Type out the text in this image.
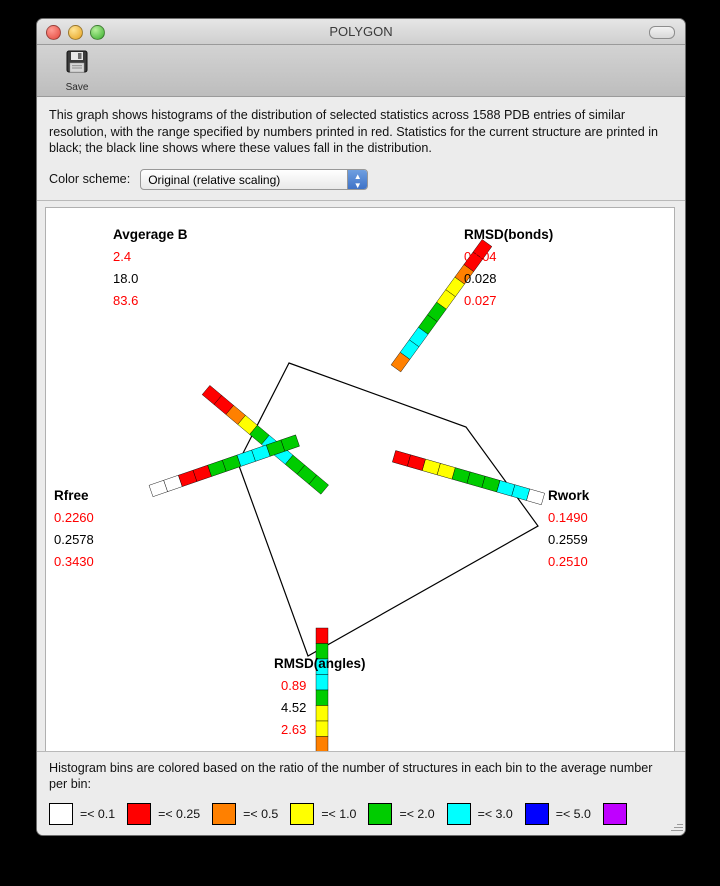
POLYGON
Save
This graph shows histograms of the distribution of selected statistics across 1588 PDB entries of similar resolution, with the range specified by numbers printed in red. Statistics for the current structure are printed in black; the black line shows where these values fall in the distribution.
Color scheme:	Original (relative scaling)	▲
▼
Avgerage B
2.4
18.0
83.6
RMSD(bonds)
0.004
0.028
0.027
Rwork
0.1490
0.2559
0.2510
RMSD(angles)
0.89
4.52
2.63
Rfree
0.2260
0.2578
0.3430
Histogram bins are colored based on the ratio of the number of structures in each bin to the average number per bin:
=< 0.1	=< 0.25	=< 0.5	=< 1.0	=< 2.0	=< 3.0	=< 5.0
